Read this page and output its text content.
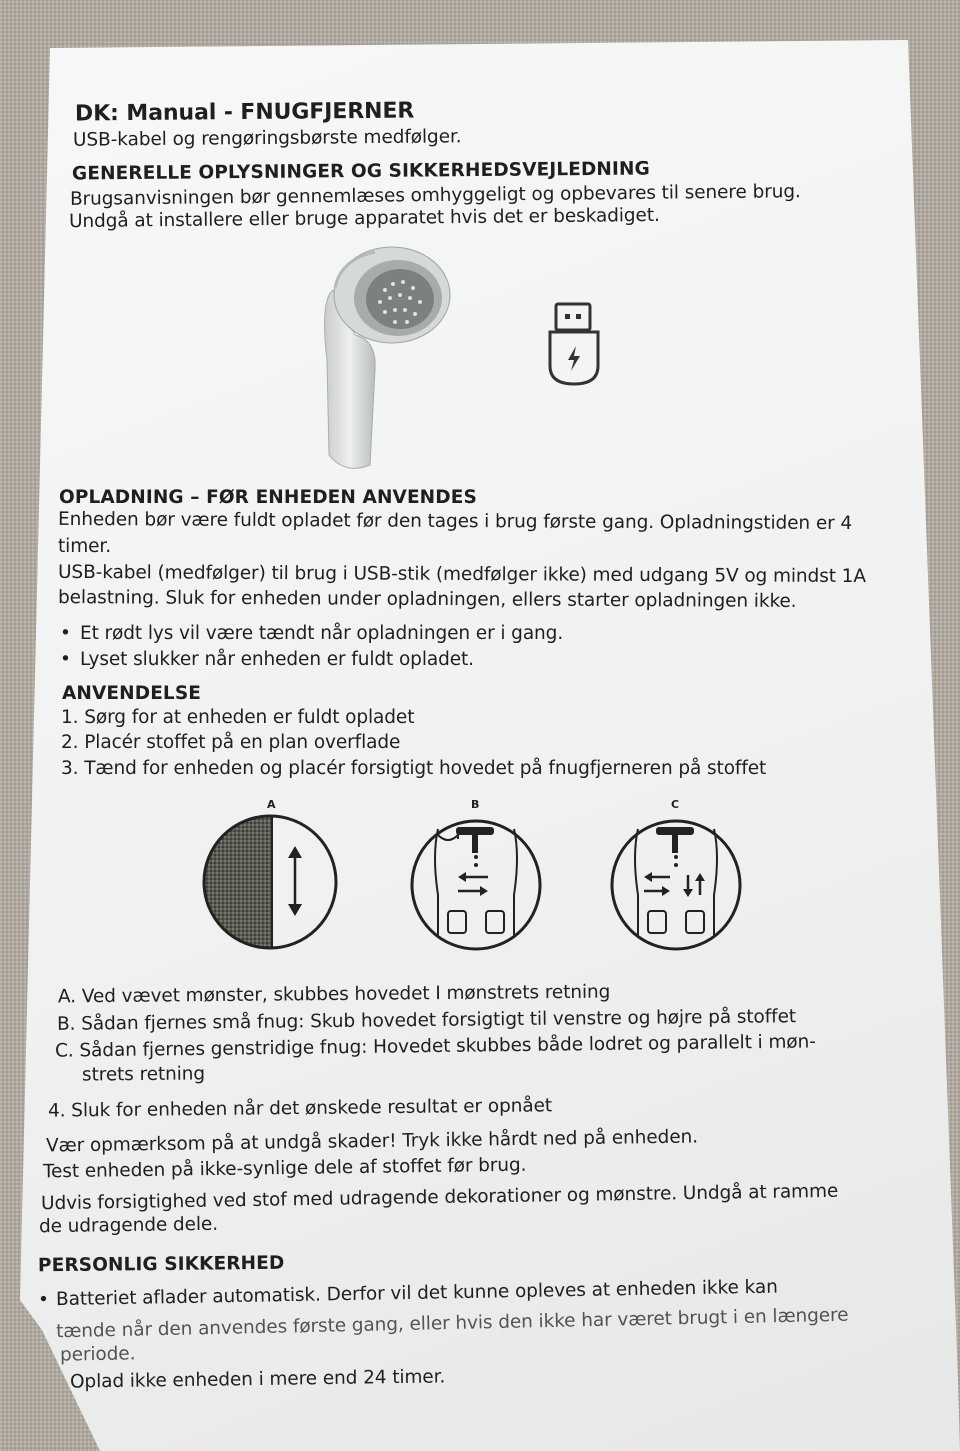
DK: Manual - FNUGFJERNER
USB-kabel og rengøringsbørste medfølger.
GENERELLE OPLYSNINGER OG SIKKERHEDSVEJLEDNING
Brugsanvisningen bør gennemlæses omhyggeligt og opbevares til senere brug.
Undgå at installere eller bruge apparatet hvis det er beskadiget.
OPLADNING – FØR ENHEDEN ANVENDES
Enheden bør være fuldt opladet før den tages i brug første gang. Opladningstiden er 4
timer.
USB-kabel (medfølger) til brug i USB-stik (medfølger ikke) med udgang 5V og mindst 1A
belastning. Sluk for enheden under opladningen, ellers starter opladningen ikke.
• Et rødt lys vil være tændt når opladningen er i gang.
• Lyset slukker når enheden er fuldt opladet.
ANVENDELSE
1. Sørg for at enheden er fuldt opladet
2. Placér stoffet på en plan overflade
3. Tænd for enheden og placér forsigtigt hovedet på fnugfjerneren på stoffet
A	B	C
A. Ved vævet mønster, skubbes hovedet I mønstrets retning
B. Sådan fjernes små fnug: Skub hovedet forsigtigt til venstre og højre på stoffet
C. Sådan fjernes genstridige fnug: Hovedet skubbes både lodret og parallelt i møn-
strets retning
4. Sluk for enheden når det ønskede resultat er opnået
Vær opmærksom på at undgå skader! Tryk ikke hårdt ned på enheden.
Test enheden på ikke-synlige dele af stoffet før brug.
Udvis forsigtighed ved stof med udragende dekorationer og mønstre. Undgå at ramme
de udragende dele.
PERSONLIG SIKKERHED
• Batteriet aflader automatisk. Derfor vil det kunne opleves at enheden ikke kan
tænde når den anvendes første gang, eller hvis den ikke har været brugt i en længere
periode.
Oplad ikke enheden i mere end 24 timer.
